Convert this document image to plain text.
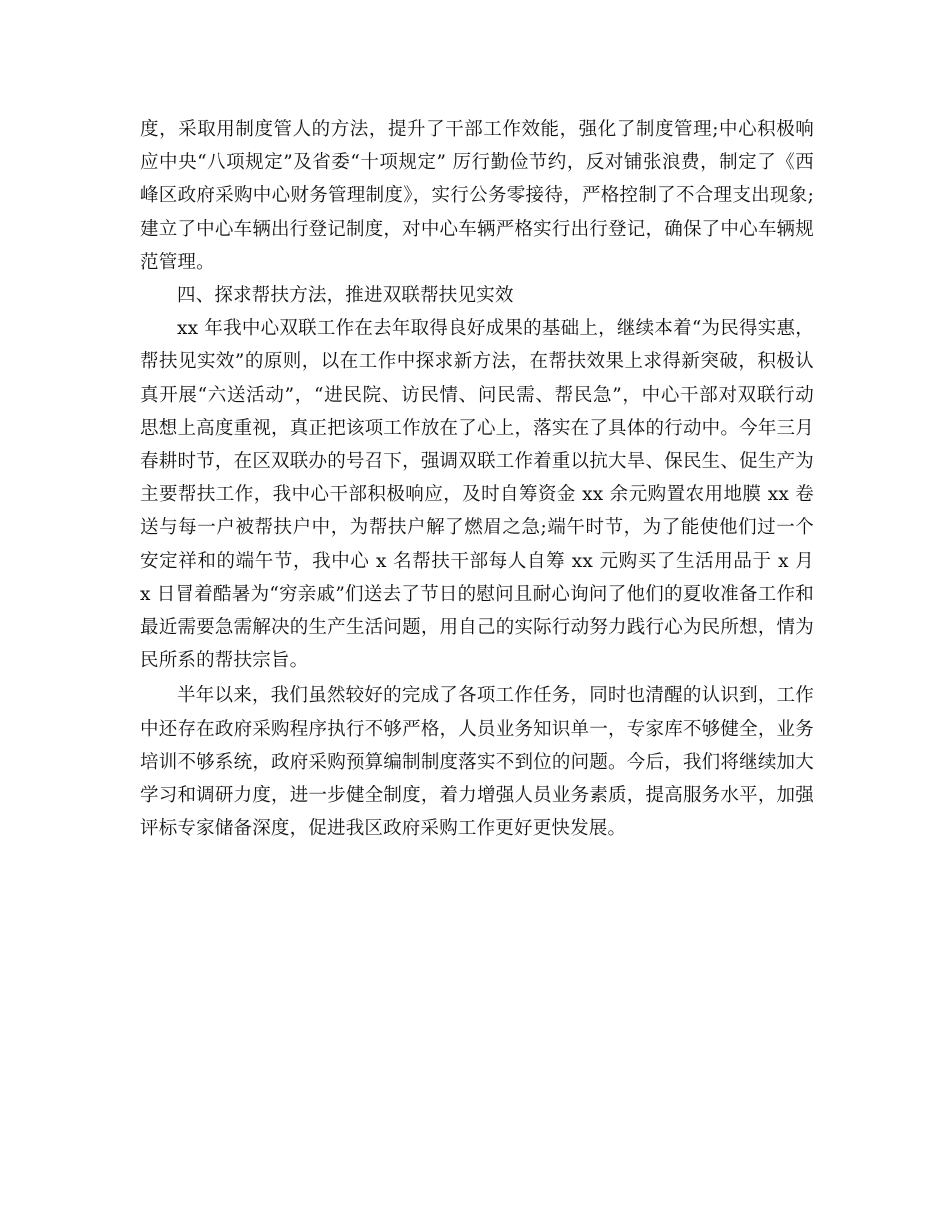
度，采取用制度管人的方法，提升了干部工作效能，强化了制度管理;中心积极响应中央“八项规定”及省委“十项规定” 厉行勤俭节约，反对铺张浪费，制定了《西峰区政府采购中心财务管理制度》，实行公务零接待，严格控制了不合理支出现象;建立了中心车辆出行登记制度，对中心车辆严格实行出行登记，确保了中心车辆规范管理。

四、探求帮扶方法，推进双联帮扶见实效

xx 年我中心双联工作在去年取得良好成果的基础上，继续本着“为民得实惠，帮扶见实效”的原则，以在工作中探求新方法，在帮扶效果上求得新突破，积极认真开展“六送活动”，“进民院、访民情、问民需、帮民急”，中心干部对双联行动思想上高度重视，真正把该项工作放在了心上，落实在了具体的行动中。今年三月春耕时节，在区双联办的号召下，强调双联工作着重以抗大旱、保民生、促生产为主要帮扶工作，我中心干部积极响应，及时自筹资金 xx 余元购置农用地膜 xx 卷送与每一户被帮扶户中，为帮扶户解了燃眉之急;端午时节，为了能使他们过一个安定祥和的端午节，我中心 x 名帮扶干部每人自筹 xx 元购买了生活用品于 x 月 x 日冒着酷暑为“穷亲戚”们送去了节日的慰问且耐心询问了他们的夏收准备工作和最近需要急需解决的生产生活问题，用自己的实际行动努力践行心为民所想，情为民所系的帮扶宗旨。

半年以来，我们虽然较好的完成了各项工作任务，同时也清醒的认识到，工作中还存在政府采购程序执行不够严格，人员业务知识单一，专家库不够健全，业务培训不够系统，政府采购预算编制制度落实不到位的问题。今后，我们将继续加大学习和调研力度，进一步健全制度，着力增强人员业务素质，提高服务水平，加强评标专家储备深度，促进我区政府采购工作更好更快发展。
